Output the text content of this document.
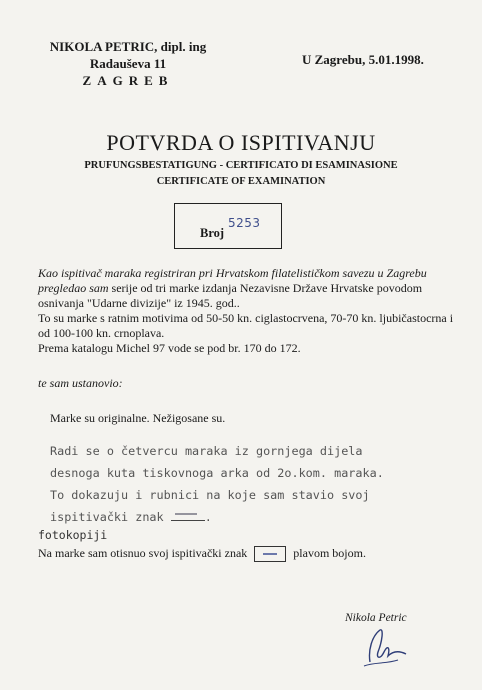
NIKOLA PETRIC, dipl. ing
Radauševa 11
ZAGREB
U Zagrebu, 5.01.1998.
POTVRDA O ISPITIVANJU
PRUFUNGSBESTATIGUNG - CERTIFICATO DI ESAMINASIONE
CERTIFICATE OF EXAMINATION
Broj
5253
Kao ispitivač maraka registriran pri Hrvatskom filatelističkom savezu u Zagrebu pregledao sam serije od tri marke izdanja Nezavisne Države Hrvatske povodom osnivanja "Udarne divizije" iz 1945. god..
To su marke s ratnim motivima od 50-50 kn. ciglastocrvena, 70-70 kn. ljubičastocrna i od 100-100 kn. crnoplava.
Prema katalogu Michel 97 vode se pod br. 170 do 172.
te sam ustanovio:
Marke su originalne. Nežigosane su.
Radi se o četvercu maraka iz gornjega dijela
desnoga kuta tiskovnoga arka od 2o.kom. maraka.
To dokazuju i rubnici na koje sam stavio svoj
ispitivački znak	.
fotokopiji
Na marke sam otisnuo svoj ispitivački znak	plavom bojom.
Nikola Petric
